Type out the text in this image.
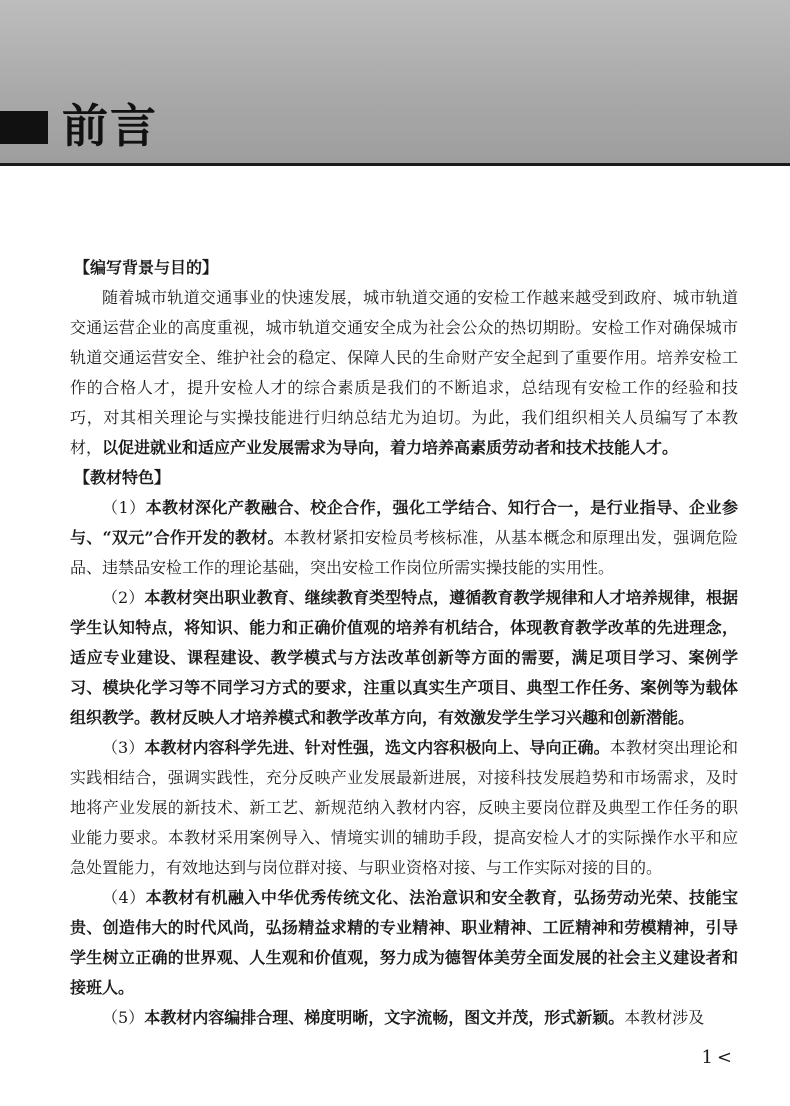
前言
【编写背景与目的】

随着城市轨道交通事业的快速发展，城市轨道交通的安检工作越来越受到政府、城市轨道交通运营企业的高度重视，城市轨道交通安全成为社会公众的热切期盼。安检工作对确保城市轨道交通运营安全、维护社会的稳定、保障人民的生命财产安全起到了重要作用。培养安检工作的合格人才，提升安检人才的综合素质是我们的不断追求，总结现有安检工作的经验和技巧，对其相关理论与实操技能进行归纳总结尤为迫切。为此，我们组织相关人员编写了本教材，以促进就业和适应产业发展需求为导向，着力培养高素质劳动者和技术技能人才。

【教材特色】

（1）本教材深化产教融合、校企合作，强化工学结合、知行合一，是行业指导、企业参与、“双元”合作开发的教材。本教材紧扣安检员考核标准，从基本概念和原理出发，强调危险品、违禁品安检工作的理论基础，突出安检工作岗位所需实操技能的实用性。

（2）本教材突出职业教育、继续教育类型特点，遵循教育教学规律和人才培养规律，根据学生认知特点，将知识、能力和正确价值观的培养有机结合，体现教育教学改革的先进理念，适应专业建设、课程建设、教学模式与方法改革创新等方面的需要，满足项目学习、案例学习、模块化学习等不同学习方式的要求，注重以真实生产项目、典型工作任务、案例等为载体组织教学。教材反映人才培养模式和教学改革方向，有效激发学生学习兴趣和创新潜能。

（3）本教材内容科学先进、针对性强，选文内容积极向上、导向正确。本教材突出理论和实践相结合，强调实践性，充分反映产业发展最新进展，对接科技发展趋势和市场需求，及时地将产业发展的新技术、新工艺、新规范纳入教材内容，反映主要岗位群及典型工作任务的职业能力要求。本教材采用案例导入、情境实训的辅助手段，提高安检人才的实际操作水平和应急处置能力，有效地达到与岗位群对接、与职业资格对接、与工作实际对接的目的。

（4）本教材有机融入中华优秀传统文化、法治意识和安全教育，弘扬劳动光荣、技能宝贵、创造伟大的时代风尚，弘扬精益求精的专业精神、职业精神、工匠精神和劳模精神，引导学生树立正确的世界观、人生观和价值观，努力成为德智体美劳全面发展的社会主义建设者和接班人。

（5）本教材内容编排合理、梯度明晰，文字流畅，图文并茂，形式新颖。本教材涉及

1 <
